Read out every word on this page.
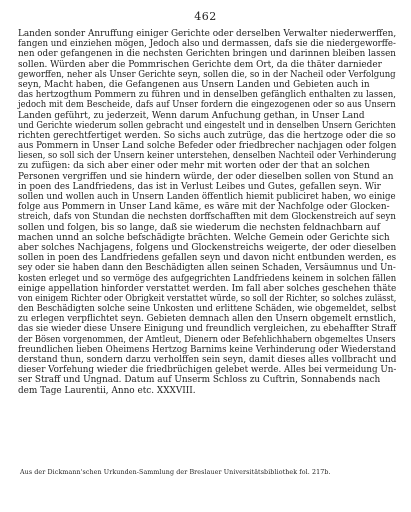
462
Landen sonder Anruffung einiger Gerichte oder derselben Verwalter niederwerffen,
fangen und einziehen mögen, Jedoch also und dermassen, dafs sie die niedergeworffe-
nen oder gefangenen in die nechsten Gerichten bringen und darinnen bleiben lassen
sollen. Würden aber die Pommrischen Gerichte dem Ort, da die thäter darnieder
geworffen, neher als Unser Gerichte seyn, sollen die, so in der Nacheil oder Verfolgung
seyn, Macht haben, die Gefangenen aus Unsern Landen und Gebieten auch in
das hertzogthum Pommern zu führen und in denselben gefänglich enthalten zu lassen,
jedoch mit dem Bescheide, dafs auf Unser fordern die eingezogenen oder so aus Unsern
Landen geführt, zu jederzeit, Wenn darum Anfuchung gethan, in Unser Land
und Gerichte wiederum sollen gebracht und eingestelt und in denselben Unsern Gerichten
richten gerechtfertiget werden. So sichs auch zutrüge, das die hertzoge oder die so
aus Pommern in Unser Land solche Befeder oder friedbrecher nachjagen oder folgen
liesen, so soll sich der Unsern keiner unterstehen, denselben Nachteil oder Verhinderung
zu zufügen: da sich aber einer oder mehr mit worten oder der that an solchen
Personen vergriffen und sie hindern würde, der oder dieselben sollen von Stund an
in poen des Landfriedens, das ist in Verlust Leibes und Gutes, gefallen seyn. Wir
sollen und wollen auch in Unsern Landen öffentlich hiemit publiciret haben, wo einige
folge aus Pommern in Unser Land käme, es wäre mit der Nachfolge oder Glocken-
streich, dafs von Stundan die nechsten dorffschafften mit dem Glockenstreich auf seyn
sollen und folgen, bis so lange, daß sie wiederum die nechsten feldnachbarn auf
machen unnd an solche befschädigte brächten. Welche Gemein oder Gerichte sich
aber solches Nachjagens, folgens und Glockenstreichs weigerte, der oder dieselben
sollen in poen des Landfriedens gefallen seyn und davon nicht entbunden werden, es
sey oder sie haben dann den Beschädigten allen seinen Schaden, Versäumnus und Un-
kosten erleget und so vermöge des aufgegrichten Landfriedens keinem in solchen fällen
einige appellation hinforder verstattet werden. Im fall aber solches geschehen thäte
von einigem Richter oder Obrigkeit verstattet würde, so soll der Richter, so solches zulässt,
den Beschädigten solche seine Unkosten und erlittene Schäden, wie obgemeldet, selbst
zu erlegen verpflichtet seyn. Gebieten demnach allen den Unsern obgemelt ernstlich,
das sie wieder diese Unsere Einigung und freundlich vergleichen, zu ebehaffter Straff
der Bösen vorgenommen, der Amtleut, Dienern oder Befehlichhabern obgemeltes Unsers
freundlichen lieben Oheimens Hertzog Barnims keine Verhinderung oder Wiederstand
derstand thun, sondern darzu verholffen sein seyn, damit dieses alles vollbracht und
dieser Vorfehung wieder die friedbrüchigen gelebet werde. Alles bei vermeidung Un-
ser Straff und Ungnad. Datum auf Unserm Schloss zu Cuftrin, Sonnabends nach
dem Tage Laurentii, Anno etc. XXXVIII.
Aus der Dickmann'schen Urkunden-Sammlung der Breslauer Universitätsbibliothek fol. 217b.
